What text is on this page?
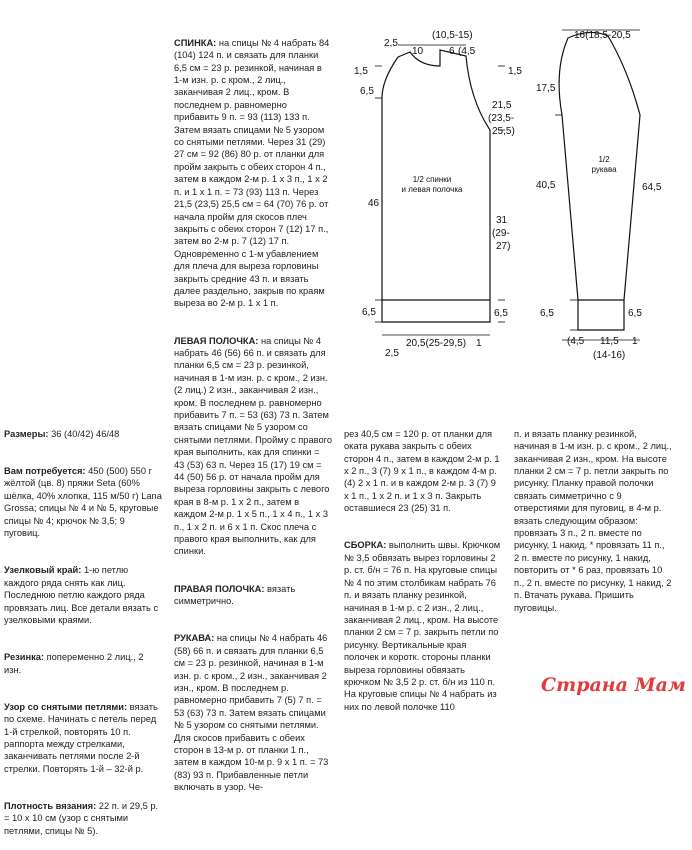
Размеры: 36 (40/42) 46/48

Вам потребуется: 450 (500) 550 г жёлтой (цв. 8) пряжи Seta (60% шёлка, 40% хлопка, 115 м/50 г) Lana Grossa; спицы № 4 и № 5, круговые спицы № 4; крючок № 3,5; 9 пуговиц.

Узелковый край: 1-ю петлю каждого ряда снять как лиц. Последнюю петлю каждого ряда провязать лиц. Все детали вязать с узелковыми краями.

Резинка: попеременно 2 лиц., 2 изн.

Узор со снятыми петлями: вязать по схеме. Начинать с петель перед 1-й стрелкой, повторять 10 п. раппорта между стрелками, заканчивать петлями после 2-й стрелки. Повторять 1-й – 32-й р.

Плотность вязания: 22 п. и 29,5 р. = 10 х 10 см (узор с снятыми петлями, спицы № 5).

СПИНКА: на спицы № 4 набрать 84 (104) 124 п. и связать для планки 6,5 см = 23 р. резинкой, начиная в 1-м изн. р. с кром., 2 лиц., заканчивая 2 лиц., кром. В последнем р. равномерно прибавить 9 п. = 93 (113) 133 п. Затем вязать спицами № 5 узором со снятыми петлями. Через 31 (29) 27 см = 92 (86) 80 р. от планки для пройм закрыть с обеих сторон 4 п., затем в каждом 2-м р. 1 x 3 п., 1 x 2 п. и 1 x 1 п. = 73 (93) 113 п. Через 21,5 (23,5) 25,5 см = 64 (70) 76 р. от начала пройм для скосов плеч закрыть с обеих сторон 7 (12) 17 п., затем во 2-м р. 7 (12) 17 п. Одновременно с 1-м убавлением для плеча для выреза горловины закрыть средние 43 п. и вязать далее раздельно, закрыв по краям выреза во 2-м р. 1 х 1 п.

ЛЕВАЯ ПОЛОЧКА: на спицы № 4 набрать 46 (56) 66 п. и связать для планки 6,5 см = 23 р. резинкой, начиная в 1-м изн. р. с кром., 2 изн. (2 лиц.) 2 изн., заканчивая 2 изн., кром. В последнем р. равномерно прибавить 7 п. = 53 (63) 73 п. Затем вязать спицами № 5 узором со снятыми петлями. Пройму с правого края выполнить, как для спинки = 43 (53) 63 п. Через 15 (17) 19 см = 44 (50) 56 р. от начала пройм для выреза горловины закрыть с левого края в 8-м р. 1 x 2 п., затем в каждом 2-м р. 1 x 5 п., 1 x 4 п., 1 x 3 п., 1 x 2 п. и 6 x 1 п. Скос плеча с правого края выполнить, как для спинки.

ПРАВАЯ ПОЛОЧКА: вязать симметрично.

РУКАВА: на спицы № 4 набрать 46 (58) 66 п. и связать для планки 6,5 см = 23 р. резинкой, начиная в 1-м изн. р. с кром., 2 изн., заканчивая 2 изн., кром. В последнем р. равномерно прибавить 7 (5) 7 п. = 53 (63) 73 п. Затем вязать спицами № 5 узором со снятыми петлями. Для скосов прибавить с обеих сторон в 13-м р. от планки 1 п., затем в каждом 10-м р. 9 х 1 п. = 73 (83) 93 п. Прибавленные петли включать в узор. Че-

рез 40,5 см = 120 р. от планки для оката рукава закрыть с обеих сторон 4 п., затем в каждом 2-м р. 1 x 2 п., 3 (7) 9 x 1 п., в каждом 4-м р. (4) 2 x 1 п. и в каждом 2-м р. 3 (7) 9 x 1 п., 1 x 2 п. и 1 x 3 п. Закрыть оставшиеся 23 (25) 31 п.

СБОРКА: выполнить швы. Крючком № 3,5 обвязать вырез горловины 2 р. ст. б/н = 76 п. На круговые спицы № 4 по этим столбикам набрать 76 п. и вязать планку резинкой, начиная в 1-м р. с 2 изн., 2 лиц., заканчивая 2 лиц., кром. На высоте планки 2 см = 7 р. закрыть петли по рисунку. Вертикальные края полочек и коротк. стороны планки выреза горловины обвязать крючком № 3,5 2 р. ст. б/н из 110 п. На круговые спицы № 4 набрать из них по левой полочке 110

п. и вязать планку резинкой, начиная в 1-м изн. р. с кром., 2 лиц., заканчивая 2 изн., кром. На высоте планки 2 см = 7 р. петли закрыть по рисунку. Планку правой полочки связать симметрично с 9 отверстиями для пуговиц, в 4-м р. вязать следующим образом: провязать 3 п., 2 п. вместе по рисунку, 1 накид, * провязать 11 п., 2 п. вместе по рисунку, 1 накид, повторить от * 6 раз, провязать 10 п., 2 п. вместе по рисунку, 1 накид, 2 п. Втачать рукава. Пришить пуговицы.

(10,5-15)
2,5
10	6 (4,5
1,5
6,5
46
6,5
2,5
20,5(25-29,5) 1
1,5
21,5
(23,5-
25,5)
31
(29-
27)
6,5
1/2 спинки
и левая полочка
16(18,5-20,5
17,5
40,5
6,5
64,5
6,5
(4,5 11,5 1
(14-16)
1/2
рукава
Страна Мам
